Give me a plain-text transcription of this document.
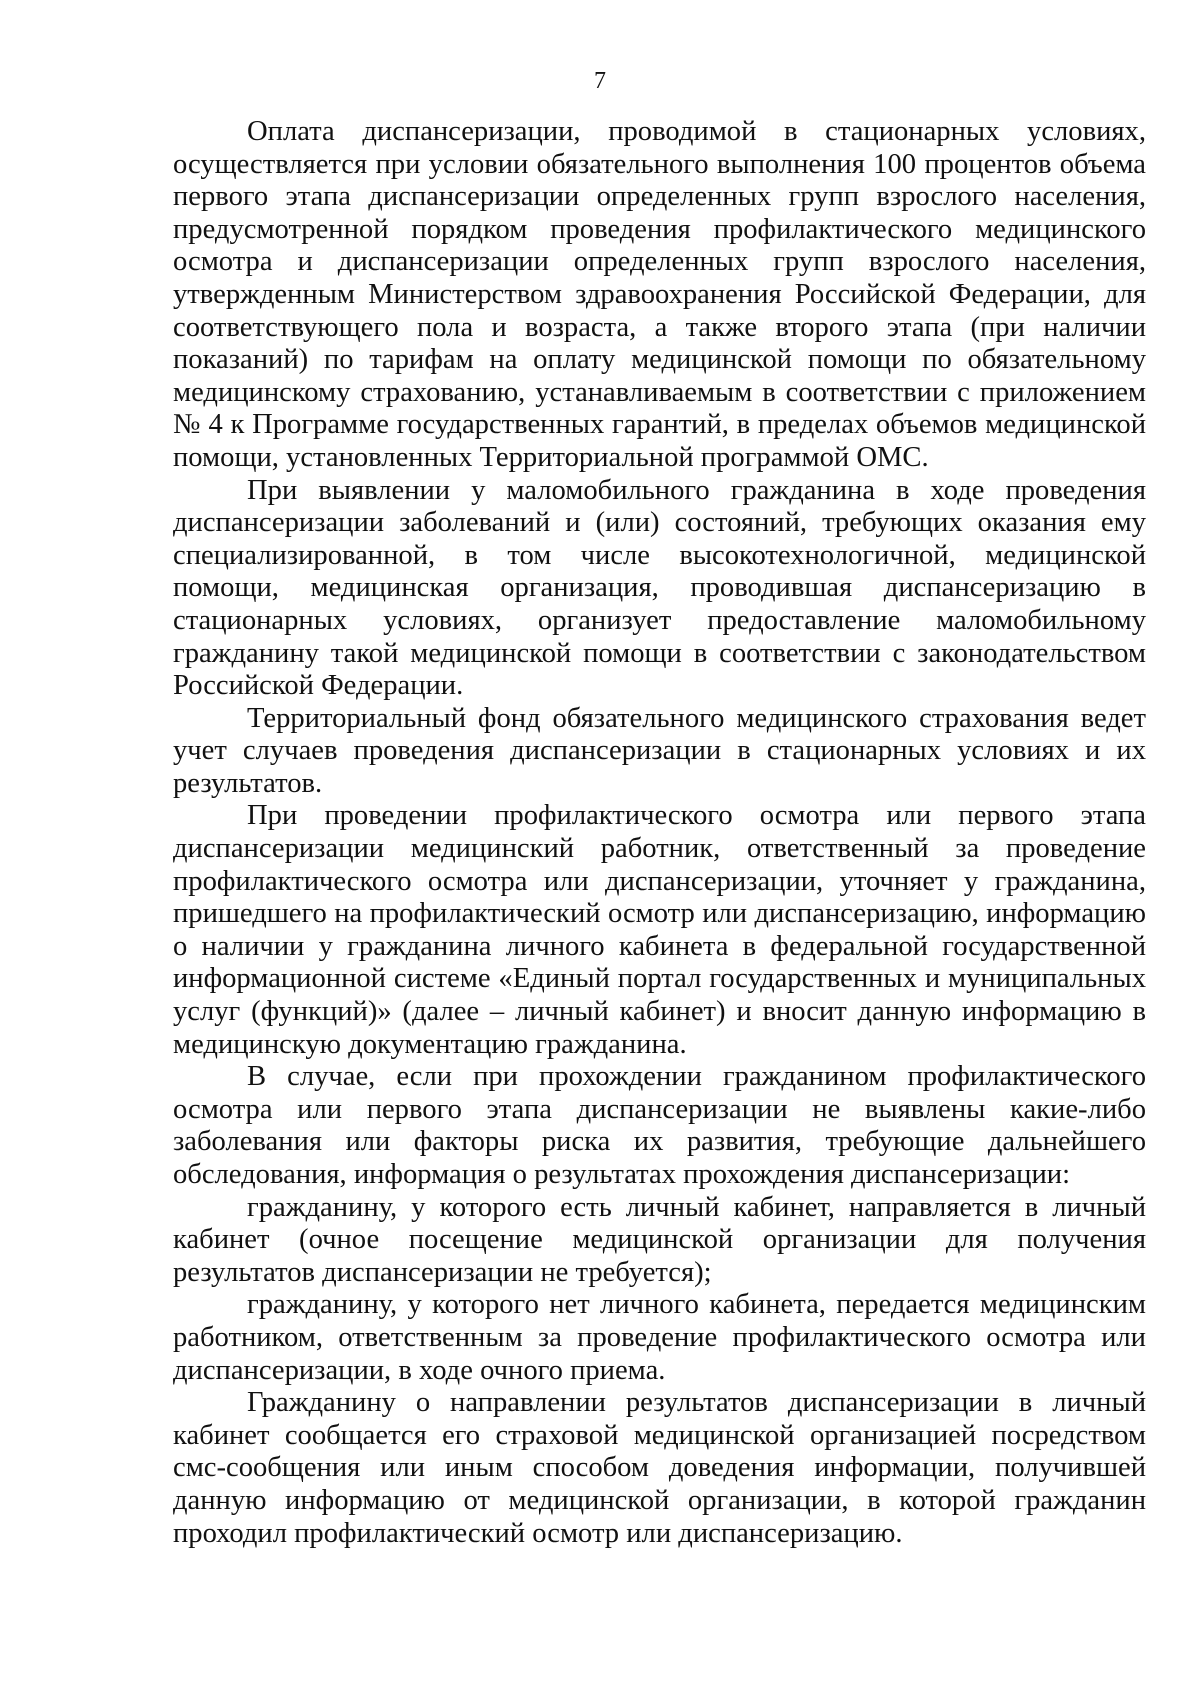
7

Оплата диспансеризации, проводимой в стационарных условиях, осуществляется при условии обязательного выполнения 100 процентов объема первого этапа диспансеризации определенных групп взрослого населения, предусмотренной порядком проведения профилактического медицинского осмотра и диспансеризации определенных групп взрослого населения, утвержденным Министерством здравоохранения Российской Федерации, для соответствующего пола и возраста, а также второго этапа (при наличии показаний) по тарифам на оплату медицинской помощи по обязательному медицинскому страхованию, устанавливаемым в соответствии с приложением № 4 к Программе государственных гарантий, в пределах объемов медицинской помощи, установленных Территориальной программой ОМС.

При выявлении у маломобильного гражданина в ходе проведения диспансеризации заболеваний и (или) состояний, требующих оказания ему специализированной, в том числе высокотехнологичной, медицинской помощи, медицинская организация, проводившая диспансеризацию в стационарных условиях, организует предоставление маломобильному гражданину такой медицинской помощи в соответствии с законодательством Российской Федерации.

Территориальный фонд обязательного медицинского страхования ведет учет случаев проведения диспансеризации в стационарных условиях и их результатов.

При проведении профилактического осмотра или первого этапа диспансеризации медицинский работник, ответственный за проведение профилактического осмотра или диспансеризации, уточняет у гражданина, пришедшего на профилактический осмотр или диспансеризацию, информацию о наличии у гражданина личного кабинета в федеральной государственной информационной системе «Единый портал государственных и муниципальных услуг (функций)» (далее – личный кабинет) и вносит данную информацию в медицинскую документацию гражданина.

В случае, если при прохождении гражданином профилактического осмотра или первого этапа диспансеризации не выявлены какие-либо заболевания или факторы риска их развития, требующие дальнейшего обследования, информация о результатах прохождения диспансеризации:

гражданину, у которого есть личный кабинет, направляется в личный кабинет (очное посещение медицинской организации для получения результатов диспансеризации не требуется);

гражданину, у которого нет личного кабинета, передается медицинским работником, ответственным за проведение профилактического осмотра или диспансеризации, в ходе очного приема.

Гражданину о направлении результатов диспансеризации в личный кабинет сообщается его страховой медицинской организацией посредством смс-сообщения или иным способом доведения информации, получившей данную информацию от медицинской организации, в которой гражданин проходил профилактический осмотр или диспансеризацию.
